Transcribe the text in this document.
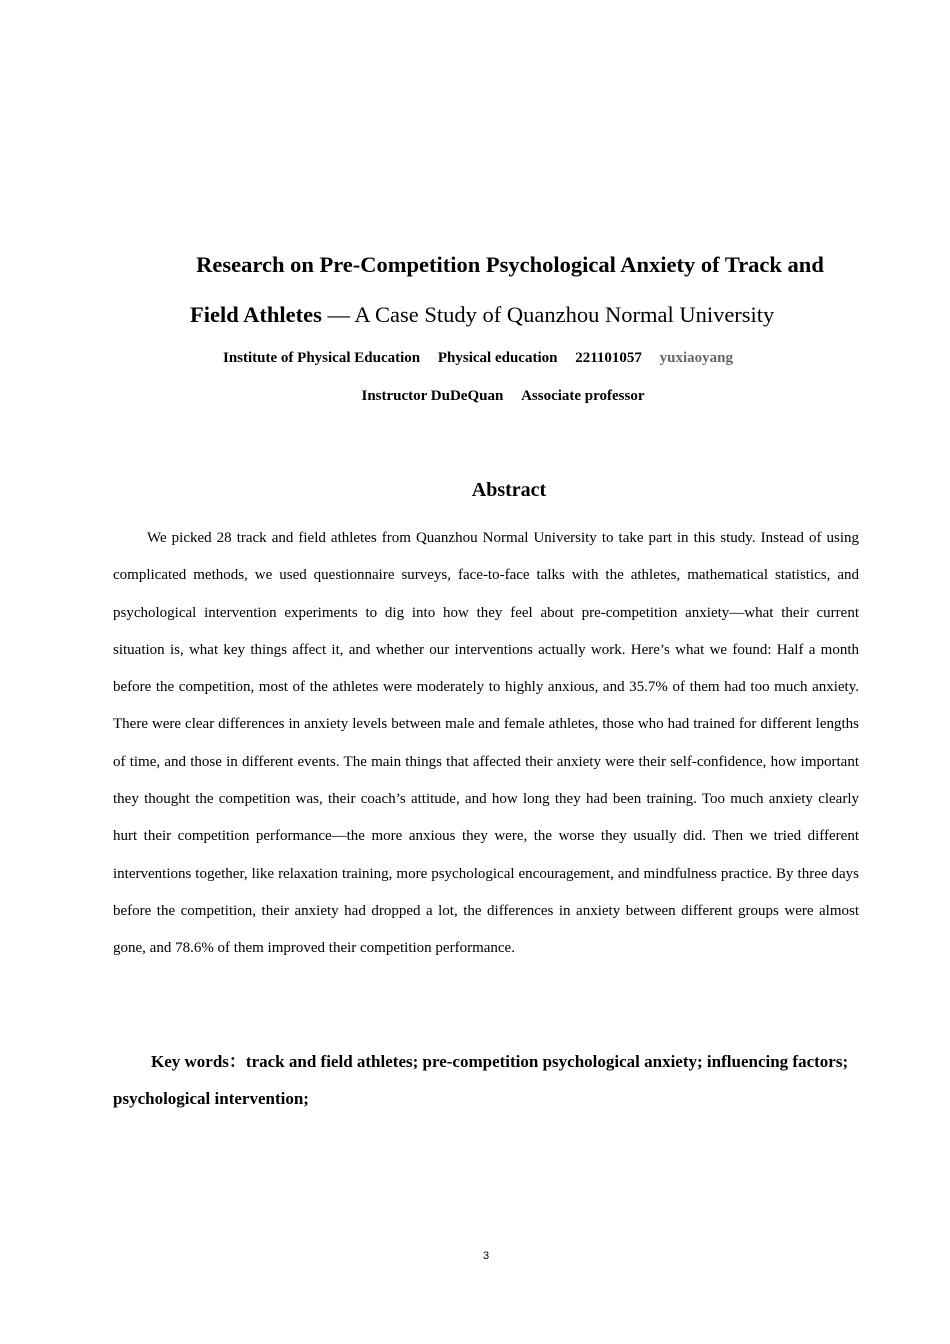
Research on Pre-Competition Psychological Anxiety of Track and
Field Athletes — A Case Study of Quanzhou Normal University
Institute of Physical Education Physical education 221101057 yuxiaoyang
Instructor DuDeQuan Associate professor
Abstract

We picked 28 track and field athletes from Quanzhou Normal University to take part in this study. Instead of using complicated methods, we used questionnaire surveys, face-to-face talks with the athletes, mathematical statistics, and psychological intervention experiments to dig into how they feel about pre-competition anxiety—what their current situation is, what key things affect it, and whether our interventions actually work. Here’s what we found: Half a month before the competition, most of the athletes were moderately to highly anxious, and 35.7% of them had too much anxiety. There were clear differences in anxiety levels between male and female athletes, those who had trained for different lengths of time, and those in different events. The main things that affected their anxiety were their self-confidence, how important they thought the competition was, their coach’s attitude, and how long they had been training. Too much anxiety clearly hurt their competition performance—the more anxious they were, the worse they usually did. Then we tried different interventions together, like relaxation training, more psychological encouragement, and mindfulness practice. By three days before the competition, their anxiety had dropped a lot, the differences in anxiety between different groups were almost gone, and 78.6% of them improved their competition performance.

Key words：track and field athletes; pre-competition psychological anxiety; influencing factors; psychological intervention;

3
